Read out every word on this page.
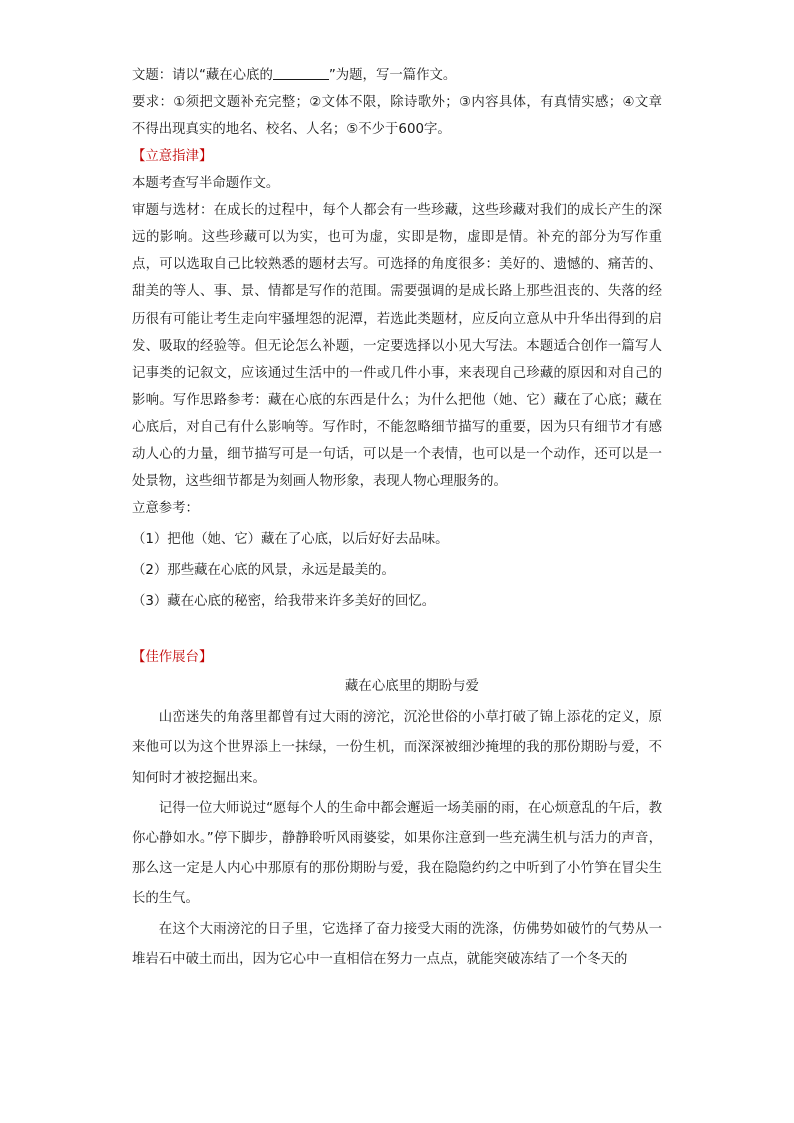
文题：请以“藏在心底的	”为题，写一篇作文。

要求：①须把文题补充完整；②文体不限，除诗歌外；③内容具体，有真情实感；④文章不得出现真实的地名、校名、人名；⑤不少于600字。

【立意指津】

本题考查写半命题作文。

审题与选材：在成长的过程中，每个人都会有一些珍藏，这些珍藏对我们的成长产生的深远的影响。这些珍藏可以为实，也可为虚，实即是物，虚即是情。补充的部分为写作重点，可以选取自己比较熟悉的题材去写。可选择的角度很多：美好的、遗憾的、痛苦的、甜美的等人、事、景、情都是写作的范围。需要强调的是成长路上那些沮丧的、失落的经历很有可能让考生走向牢骚埋怨的泥潭，若选此类题材，应反向立意从中升华出得到的启发、吸取的经验等。但无论怎么补题，一定要选择以小见大写法。本题适合创作一篇写人记事类的记叙文，应该通过生活中的一件或几件小事，来表现自己珍藏的原因和对自己的影响。写作思路参考：藏在心底的东西是什么；为什么把他（她、它）藏在了心底；藏在心底后，对自己有什么影响等。写作时，不能忽略细节描写的重要，因为只有细节才有感动人心的力量，细节描写可是一句话，可以是一个表情，也可以是一个动作，还可以是一处景物，这些细节都是为刻画人物形象，表现人物心理服务的。

立意参考：

（1）把他（她、它）藏在了心底，以后好好去品味。

（2）那些藏在心底的风景，永远是最美的。

（3）藏在心底的秘密，给我带来许多美好的回忆。

【佳作展台】

藏在心底里的期盼与爱

山峦迷失的角落里都曾有过大雨的滂沱，沉沦世俗的小草打破了锦上添花的定义，原来他可以为这个世界添上一抹绿，一份生机，而深深被细沙掩埋的我的那份期盼与爱，不知何时才被挖掘出来。

记得一位大师说过“愿每个人的生命中都会邂逅一场美丽的雨，在心烦意乱的午后，教你心静如水。”停下脚步，静静聆听风雨婆娑，如果你注意到一些充满生机与活力的声音，那么这一定是人内心中那原有的那份期盼与爱，我在隐隐约约之中听到了小竹笋在冒尖生长的生气。

在这个大雨滂沱的日子里，它选择了奋力接受大雨的洗涤，仿佛势如破竹的气势从一堆岩石中破土而出，因为它心中一直相信在努力一点点，就能突破冻结了一个冬天的
